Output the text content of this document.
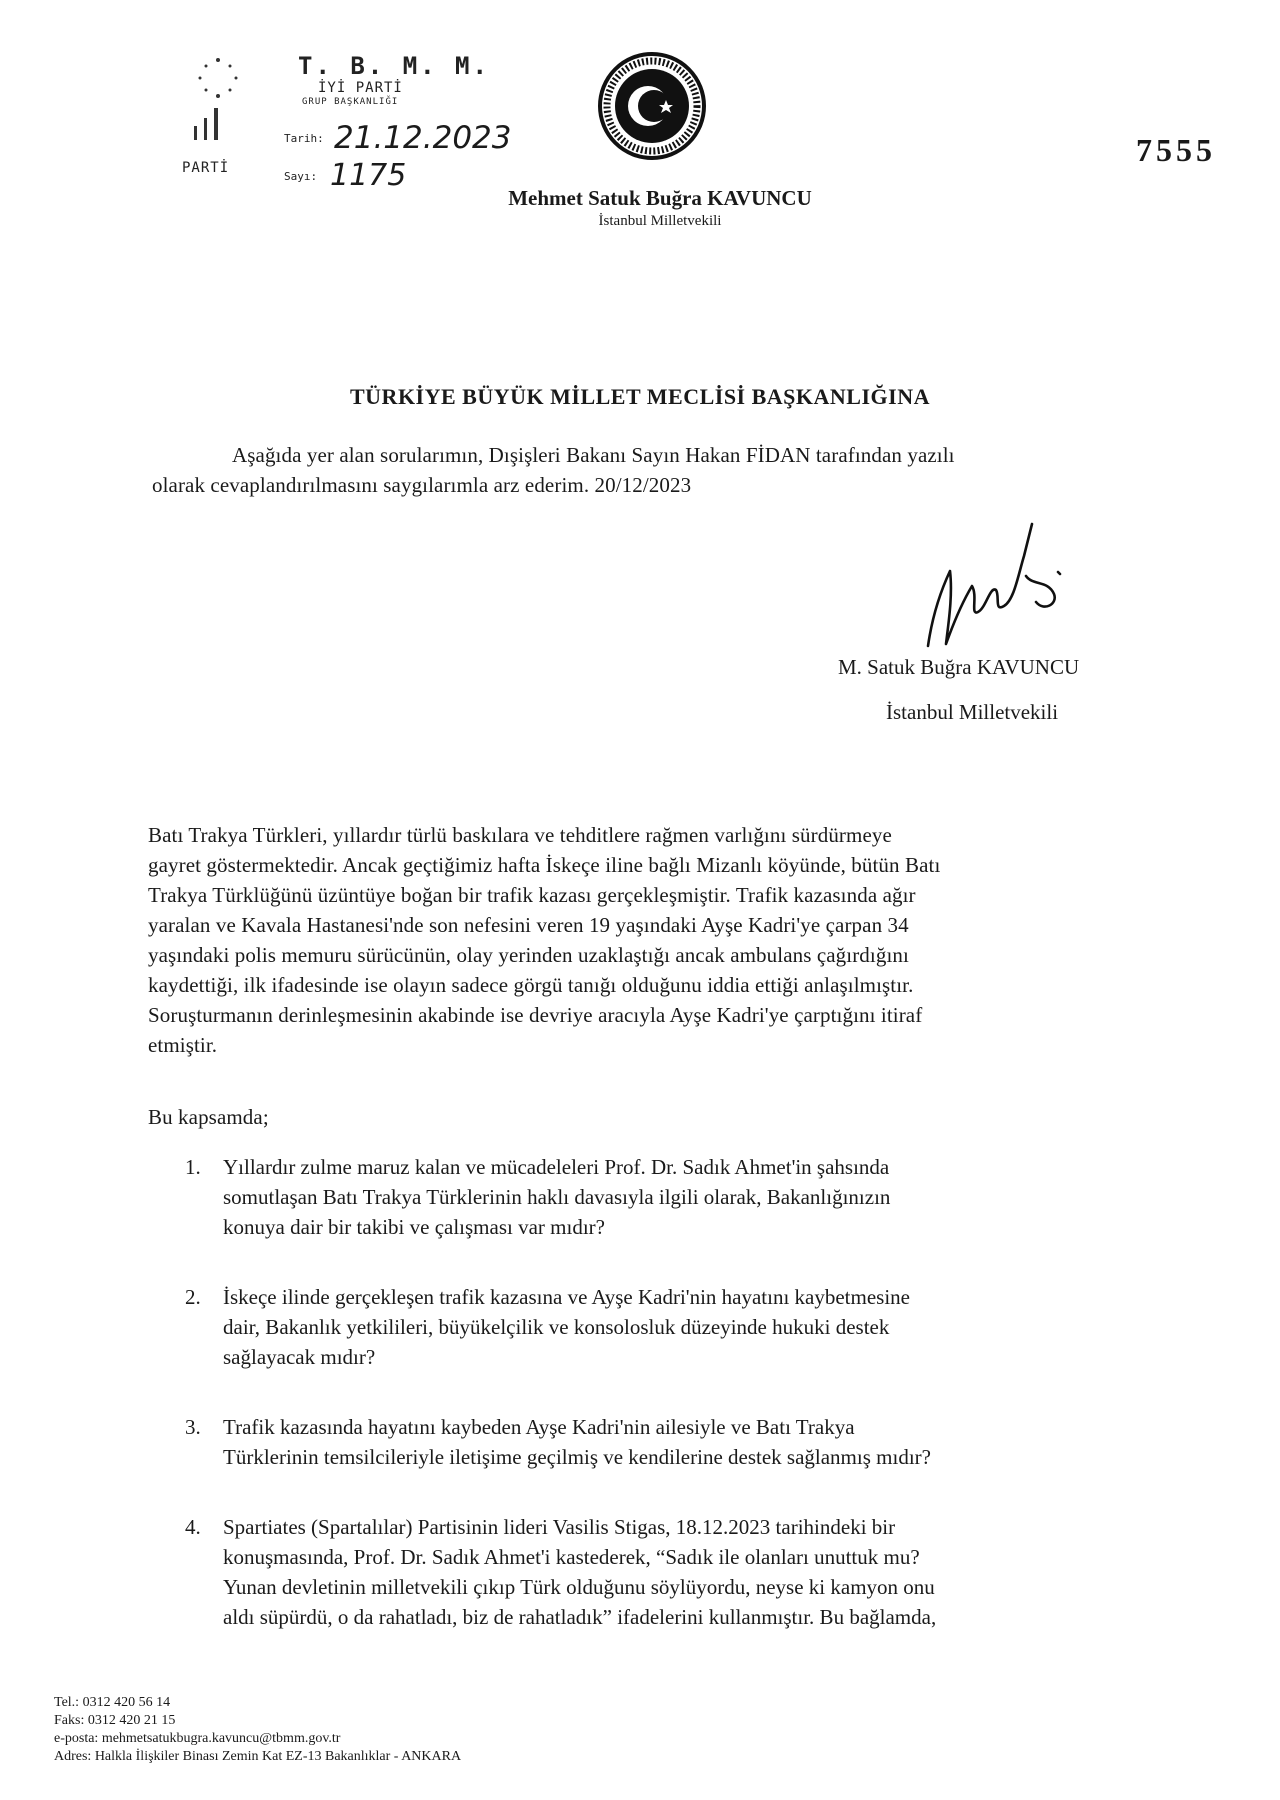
PARTİ
T. B. M. M.
İYİ PARTİ
GRUP BAŞKANLIĞI
Tarih: 21.12.2023
Sayı: 1175
7555
Mehmet Satuk Buğra KAVUNCU
İstanbul Milletvekili
TÜRKİYE BÜYÜK MİLLET MECLİSİ BAŞKANLIĞINA
Aşağıda yer alan sorularımın, Dışişleri Bakanı Sayın Hakan FİDAN tarafından yazılı
olarak cevaplandırılmasını saygılarımla arz ederim. 20/12/2023
M. Satuk Buğra KAVUNCU
İstanbul Milletvekili

Batı Trakya Türkleri, yıllardır türlü baskılara ve tehditlere rağmen varlığını sürdürmeye

gayret göstermektedir. Ancak geçtiğimiz hafta İskeçe iline bağlı Mizanlı köyünde, bütün Batı

Trakya Türklüğünü üzüntüye boğan bir trafik kazası gerçekleşmiştir. Trafik kazasında ağır

yaralan ve Kavala Hastanesi'nde son nefesini veren 19 yaşındaki Ayşe Kadri'ye çarpan 34

yaşındaki polis memuru sürücünün, olay yerinden uzaklaştığı ancak ambulans çağırdığını

kaydettiği, ilk ifadesinde ise olayın sadece görgü tanığı olduğunu iddia ettiği anlaşılmıştır.

Soruşturmanın derinleşmesinin akabinde ise devriye aracıyla Ayşe Kadri'ye çarptığını itiraf

etmiştir.

Bu kapsamda;
1.	Yıllardır zulme maruz kalan ve mücadeleleri Prof. Dr. Sadık Ahmet'in şahsında

somutlaşan Batı Trakya Türklerinin haklı davasıyla ilgili olarak, Bakanlığınızın

konuya dair bir takibi ve çalışması var mıdır?

2.	İskeçe ilinde gerçekleşen trafik kazasına ve Ayşe Kadri'nin hayatını kaybetmesine

dair, Bakanlık yetkilileri, büyükelçilik ve konsolosluk düzeyinde hukuki destek

sağlayacak mıdır?

3.	Trafik kazasında hayatını kaybeden Ayşe Kadri'nin ailesiyle ve Batı Trakya

Türklerinin temsilcileriyle iletişime geçilmiş ve kendilerine destek sağlanmış mıdır?

4.	Spartiates (Spartalılar) Partisinin lideri Vasilis Stigas, 18.12.2023 tarihindeki bir

konuşmasında, Prof. Dr. Sadık Ahmet'i kastederek, “Sadık ile olanları unuttuk mu?

Yunan devletinin milletvekili çıkıp Türk olduğunu söylüyordu, neyse ki kamyon onu

aldı süpürdü, o da rahatladı, biz de rahatladık” ifadelerini kullanmıştır. Bu bağlamda,

Tel.: 0312 420 56 14
Faks: 0312 420 21 15
e-posta: mehmetsatukbugra.kavuncu@tbmm.gov.tr
Adres: Halkla İlişkiler Binası Zemin Kat EZ-13 Bakanlıklar - ANKARA
